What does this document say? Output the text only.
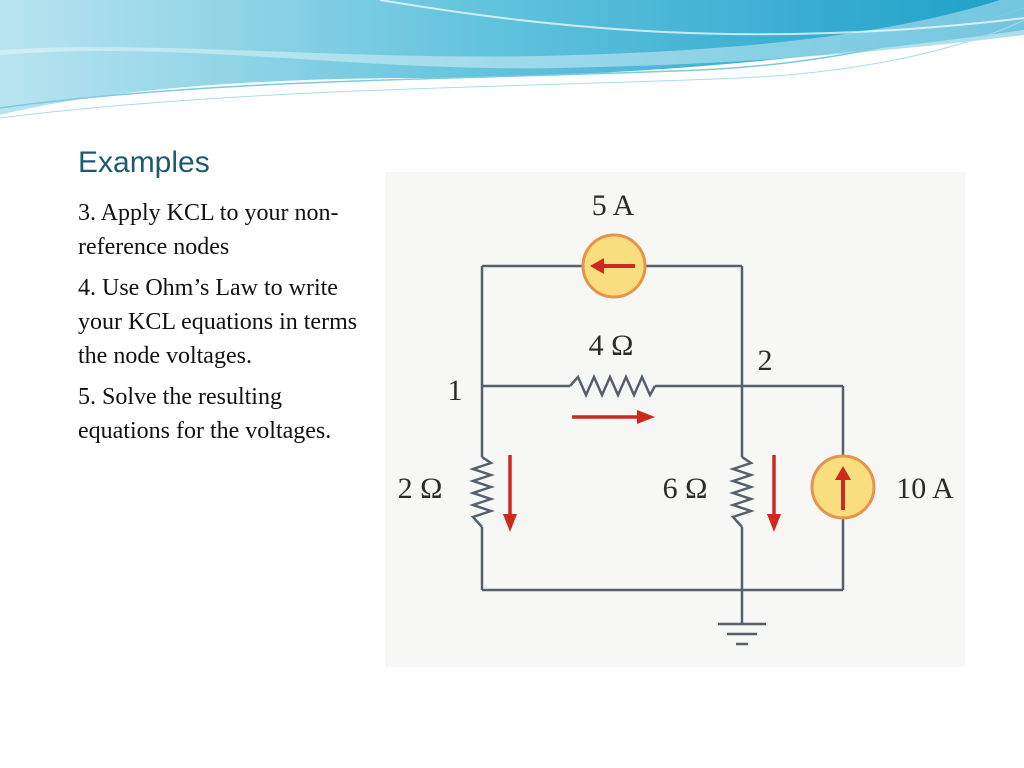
Examples
3. Apply KCL to your non-reference nodes
4. Use Ohm’s Law to write your KCL equations in terms the node voltages.
5. Solve the resulting equations for the voltages.
5 A
4 Ω
1
2
2 Ω	6 Ω	10 A
